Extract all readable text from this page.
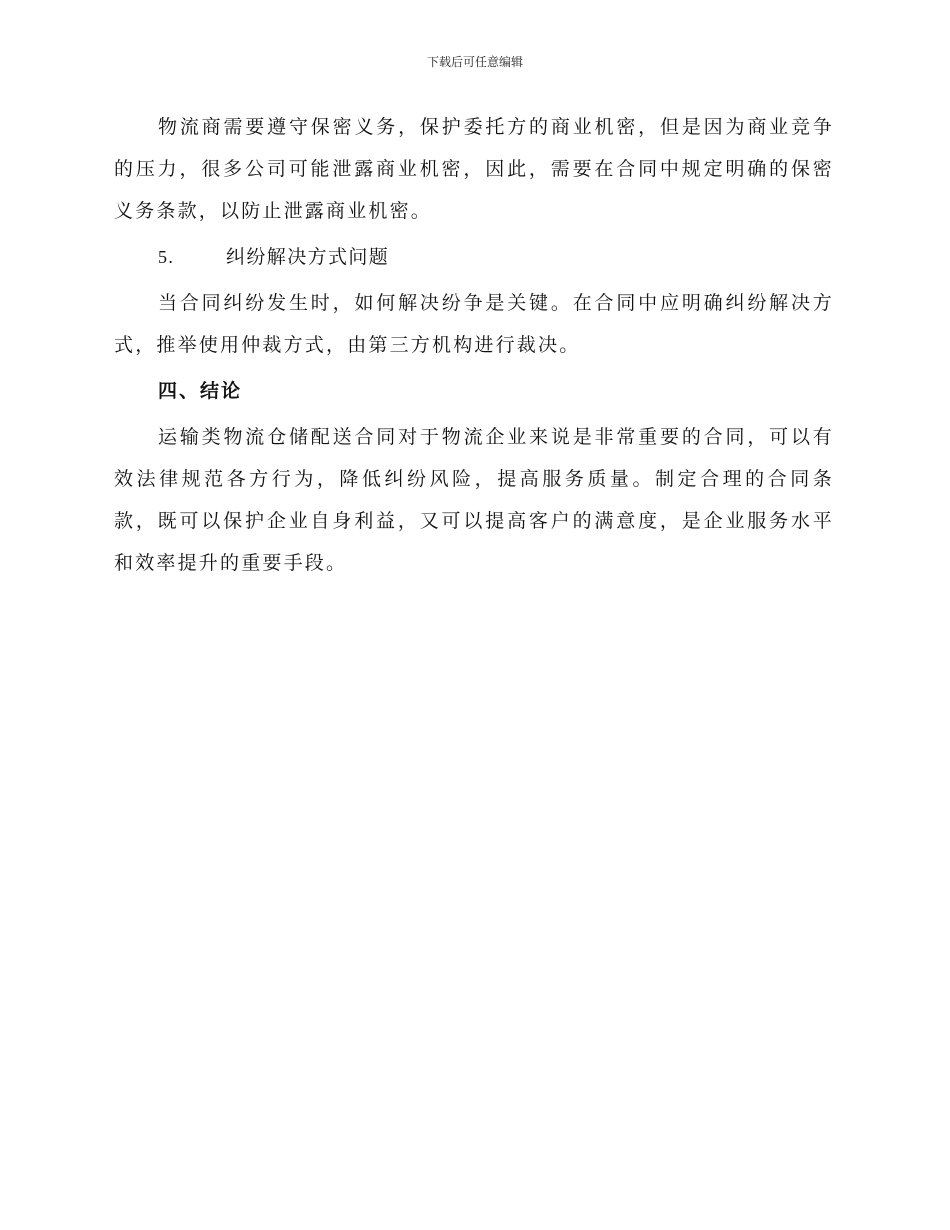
下载后可任意编辑

物流商需要遵守保密义务，保护委托方的商业机密，但是因为商业竞争的压力，很多公司可能泄露商业机密，因此，需要在合同中规定明确的保密义务条款，以防止泄露商业机密。

5.	纠纷解决方式问题

当合同纠纷发生时，如何解决纷争是关键。在合同中应明确纠纷解决方式，推举使用仲裁方式，由第三方机构进行裁决。

四、结论

运输类物流仓储配送合同对于物流企业来说是非常重要的合同，可以有效法律规范各方行为，降低纠纷风险，提高服务质量。制定合理的合同条款，既可以保护企业自身利益，又可以提高客户的满意度，是企业服务水平和效率提升的重要手段。
